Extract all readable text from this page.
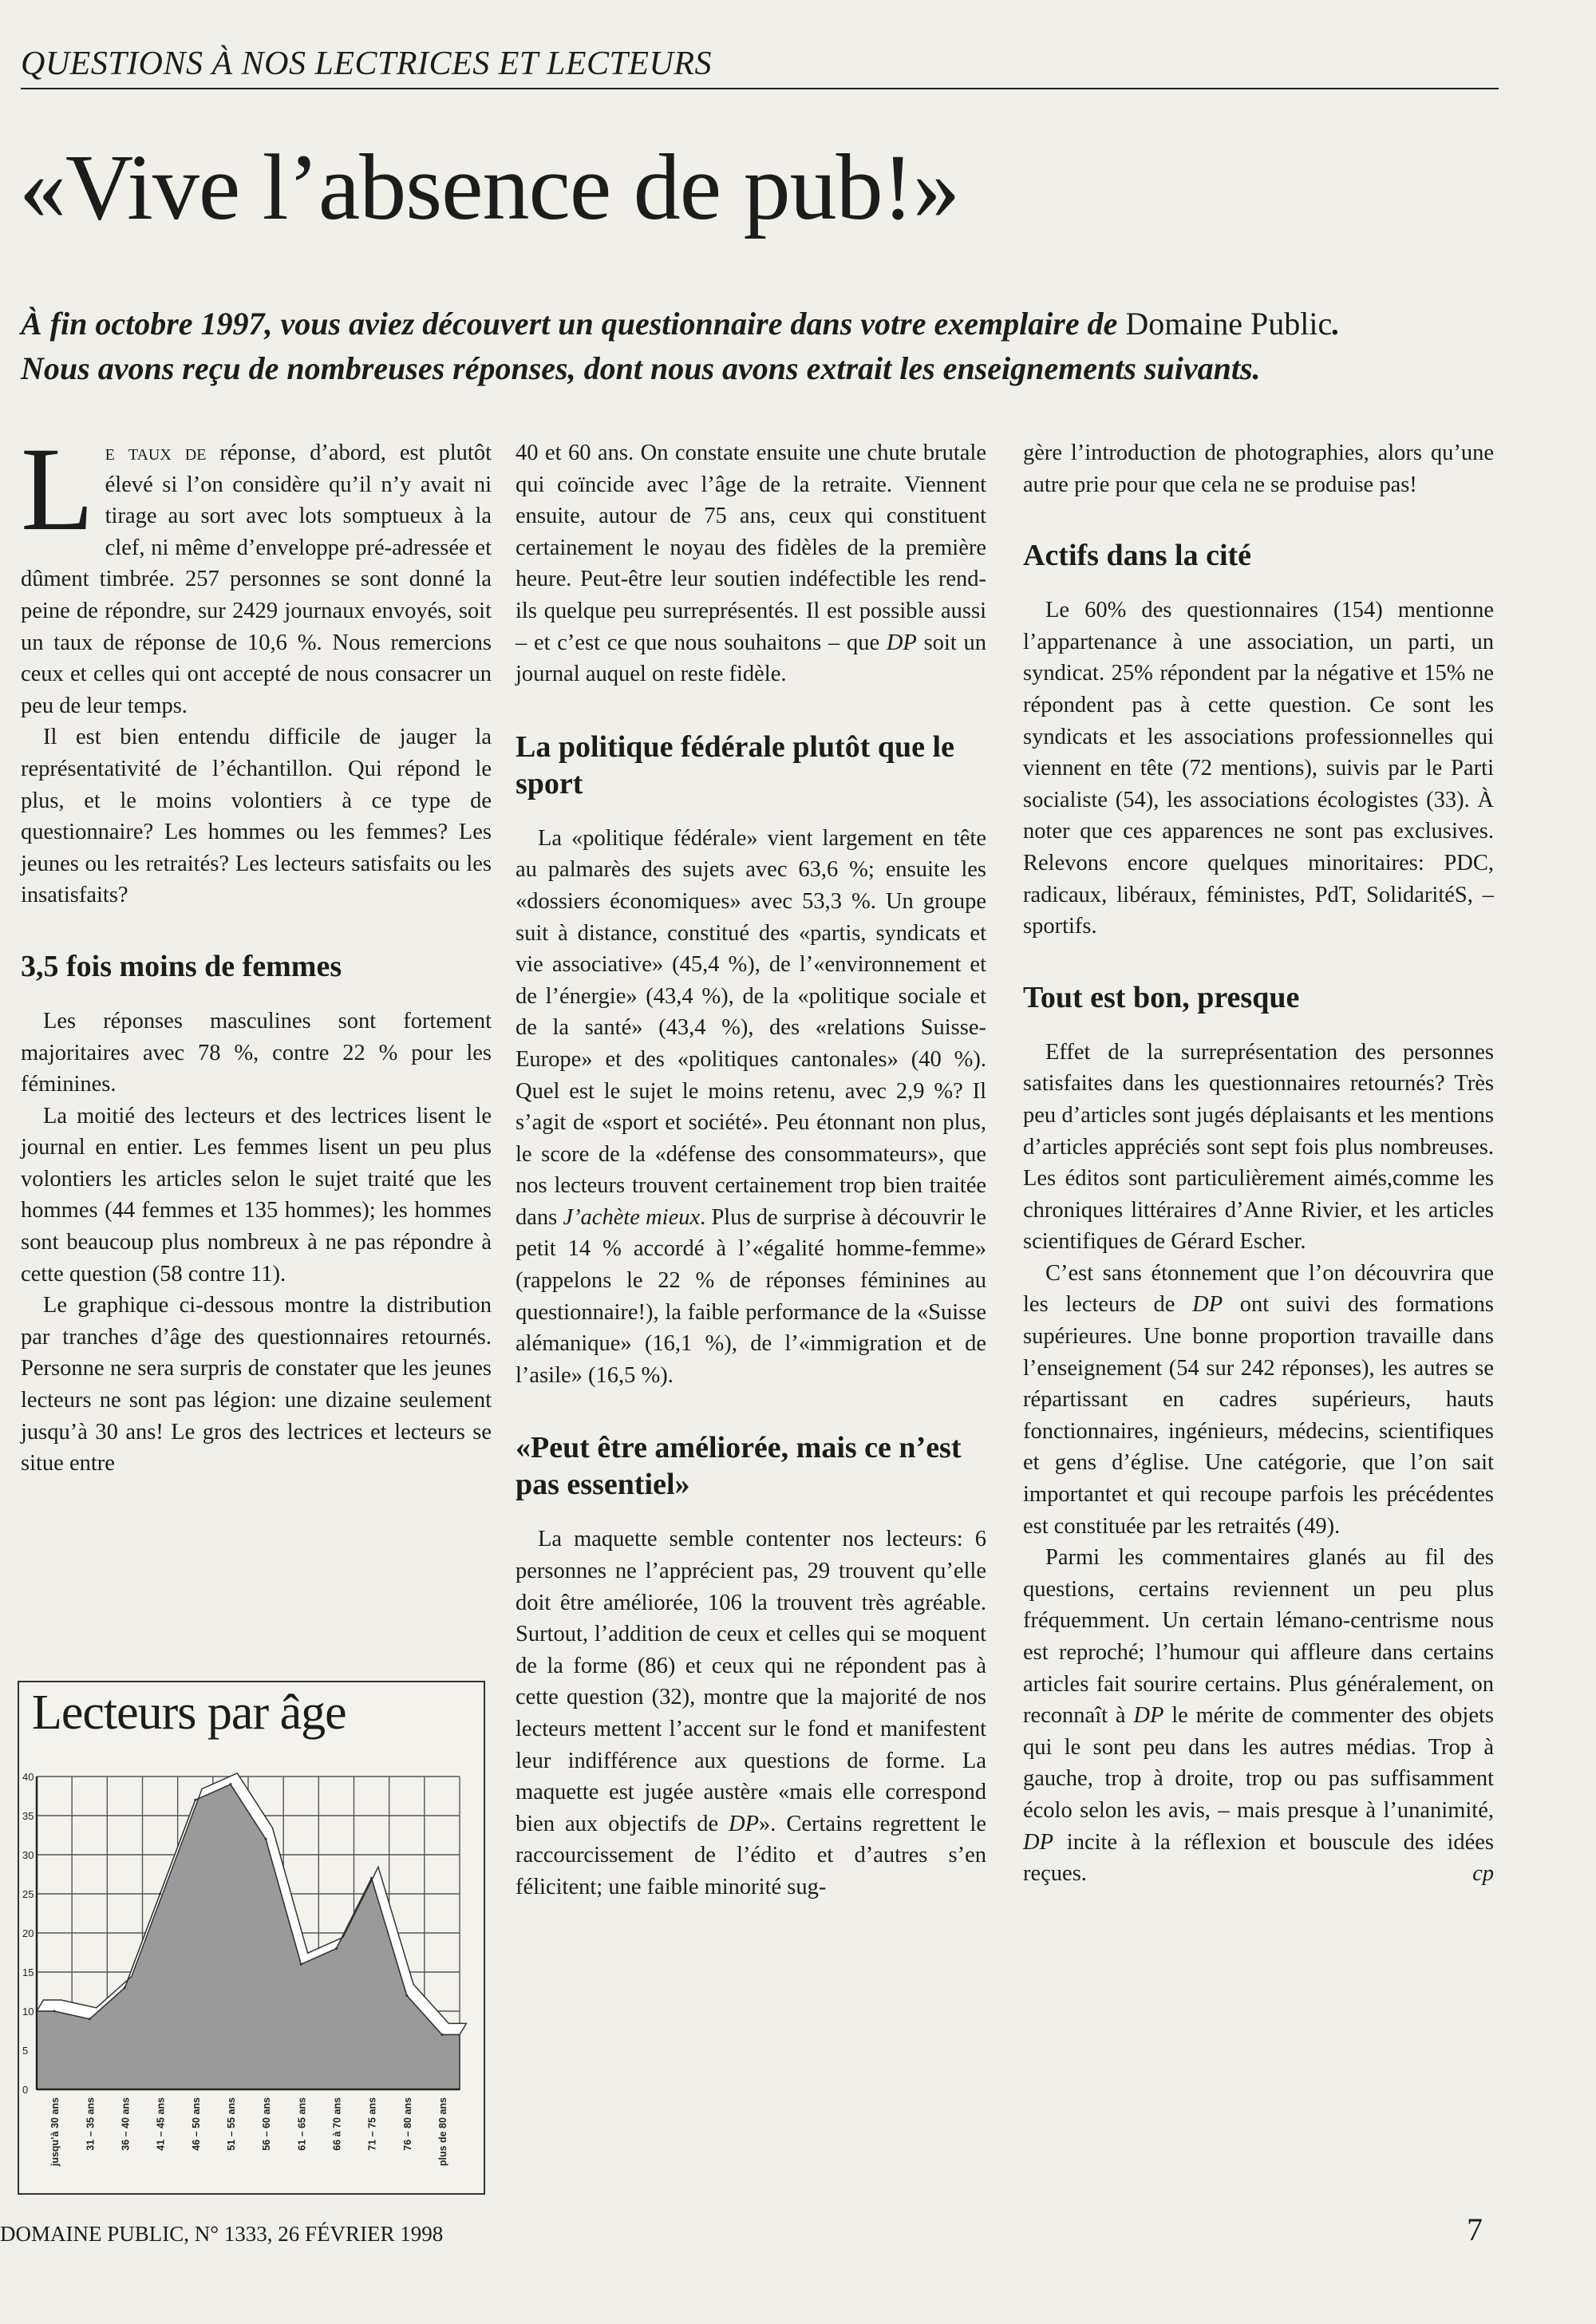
QUESTIONS À NOS LECTRICES ET LECTEURS
«Vive l’absence de pub!»
À fin octobre 1997, vous aviez découvert un questionnaire dans votre exemplaire de Domaine Public. Nous avons reçu de nombreuses réponses, dont nous avons extrait les enseignements suivants.

Le taux de réponse, d’abord, est plutôt élevé si l’on considère qu’il n’y avait ni tirage au sort avec lots somptueux à la clef, ni même d’enveloppe pré-adressée et dûment timbrée. 257 personnes se sont donné la peine de répondre, sur 2429 journaux envoyés, soit un taux de réponse de 10,6 %. Nous remercions ceux et celles qui ont accepté de nous consacrer un peu de leur temps.

Il est bien entendu difficile de jauger la représentativité de l’échantillon. Qui répond le plus, et le moins volontiers à ce type de questionnaire? Les hommes ou les femmes? Les jeunes ou les retraités? Les lecteurs satisfaits ou les insatisfaits?

3,5 fois moins de femmes

Les réponses masculines sont fortement majoritaires avec 78 %, contre 22 % pour les féminines.

La moitié des lecteurs et des lectrices lisent le journal en entier. Les femmes lisent un peu plus volontiers les articles selon le sujet traité que les hommes (44 femmes et 135 hommes); les hommes sont beaucoup plus nombreux à ne pas répondre à cette question (58 contre 11).

Le graphique ci-dessous montre la distribution par tranches d’âge des questionnaires retournés. Personne ne sera surpris de constater que les jeunes lecteurs ne sont pas légion: une dizaine seulement jusqu’à 30 ans! Le gros des lectrices et lecteurs se situe entre

0
5
10
15
20
25
30
35
40
jusqu’à 30 ans 31 – 35 ans 36 – 40 ans 41 – 45 ans 46 – 50 ans 51 – 55 ans 56 – 60 ans 61 – 65 ans 66 à 70 ans 71 – 75 ans 76 – 80 ans plus de 80 ans
Lecteurs par âge

40 et 60 ans. On constate ensuite une chute brutale qui coïncide avec l’âge de la retraite. Viennent ensuite, autour de 75 ans, ceux qui constituent certainement le noyau des fidèles de la première heure. Peut-être leur soutien indéfectible les rend-ils quelque peu surreprésentés. Il est possible aussi – et c’est ce que nous souhaitons – que DP soit un journal auquel on reste fidèle.

La politique fédérale plutôt que le sport

La «politique fédérale» vient largement en tête au palmarès des sujets avec 63,6 %; ensuite les «dossiers économiques» avec 53,3 %. Un groupe suit à distance, constitué des «partis, syndicats et vie associative» (45,4 %), de l’«environnement et de l’énergie» (43,4 %), de la «politique sociale et de la santé» (43,4 %), des «relations Suisse-Europe» et des «politiques cantonales» (40 %). Quel est le sujet le moins retenu, avec 2,9 %? Il s’agit de «sport et société». Peu étonnant non plus, le score de la «défense des consommateurs», que nos lecteurs trouvent certainement trop bien traitée dans J’achète mieux. Plus de surprise à découvrir le petit 14 % accordé à l’«égalité homme-femme» (rappelons le 22 % de réponses féminines au questionnaire!), la faible performance de la «Suisse alémanique» (16,1 %), de l’«immigration et de l’asile» (16,5 %).

«Peut être améliorée, mais ce n’est pas essentiel»

La maquette semble contenter nos lecteurs: 6 personnes ne l’apprécient pas, 29 trouvent qu’elle doit être améliorée, 106 la trouvent très agréable. Surtout, l’addition de ceux et celles qui se moquent de la forme (86) et ceux qui ne répondent pas à cette question (32), montre que la majorité de nos lecteurs mettent l’accent sur le fond et manifestent leur indifférence aux questions de forme. La maquette est jugée austère «mais elle correspond bien aux objectifs de DP». Certains regrettent le raccourcissement de l’édito et d’autres s’en félicitent; une faible minorité sug-

gère l’introduction de photographies, alors qu’une autre prie pour que cela ne se produise pas!

Actifs dans la cité

Le 60% des questionnaires (154) mentionne l’appartenance à une association, un parti, un syndicat. 25% répondent par la négative et 15% ne répondent pas à cette question. Ce sont les syndicats et les associations professionnelles qui viennent en tête (72 mentions), suivis par le Parti socialiste (54), les associations écologistes (33). À noter que ces apparences ne sont pas exclusives. Relevons encore quelques minoritaires: PDC, radicaux, libéraux, féministes, PdT, SolidaritéS, – sportifs.

Tout est bon, presque

Effet de la surreprésentation des personnes satisfaites dans les questionnaires retournés? Très peu d’articles sont jugés déplaisants et les mentions d’articles appréciés sont sept fois plus nombreuses. Les éditos sont particulièrement aimés,comme les chroniques littéraires d’Anne Rivier, et les articles scientifiques de Gérard Escher.

C’est sans étonnement que l’on découvrira que les lecteurs de DP ont suivi des formations supérieures. Une bonne proportion travaille dans l’enseignement (54 sur 242 réponses), les autres se répartissant en cadres supérieurs, hauts fonctionnaires, ingénieurs, médecins, scientifiques et gens d’église. Une catégorie, que l’on sait importantet et qui recoupe parfois les précédentes est constituée par les retraités (49).

Parmi les commentaires glanés au fil des questions, certains reviennent un peu plus fréquemment. Un certain lémano-centrisme nous est reproché; l’humour qui affleure dans certains articles fait sourire certains. Plus généralement, on reconnaît à DP le mérite de commenter des objets qui le sont peu dans les autres médias. Trop à gauche, trop à droite, trop ou pas suffisamment écolo selon les avis, – mais presque à l’unanimité, DP incite à la réflexion et bouscule des idées reçues.	cp

DOMAINE PUBLIC, N° 1333, 26 FÉVRIER 1998	7
